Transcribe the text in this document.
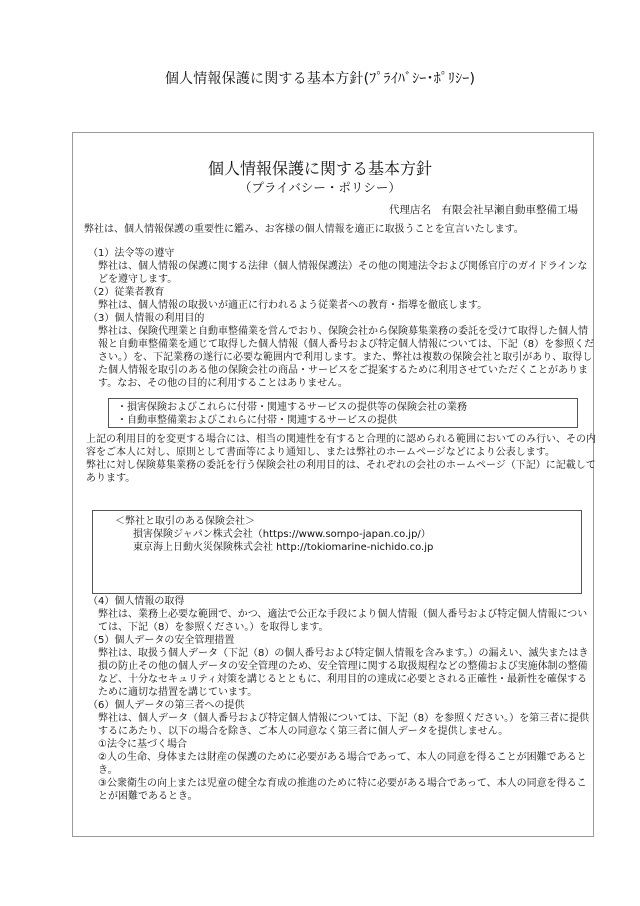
個人情報保護に関する基本方針(ﾌﾟﾗｲﾊﾞｼｰ･ﾎﾟﾘｼｰ)
個人情報保護に関する基本方針
（プライバシー・ポリシー）
代理店名　有限会社早瀬自動車整備工場
弊社は、個人情報保護の重要性に鑑み、お客様の個人情報を適正に取扱うことを宣言いたします。

（1）法令等の遵守

弊社は、個人情報の保護に関する法律（個人情報保護法）その他の関連法令および関係官庁のガイドラインなどを遵守します。

（2）従業者教育

弊社は、個人情報の取扱いが適正に行われるよう従業者への教育・指導を徹底します。

（3）個人情報の利用目的

弊社は、保険代理業と自動車整備業を営んでおり、保険会社から保険募集業務の委託を受けて取得した個人情報と自動車整備業を通じて取得した個人情報（個人番号および特定個人情報については、下記（8）を参照ください。）を、下記業務の遂行に必要な範囲内で利用します。また、弊社は複数の保険会社と取引があり、取得した個人情報を取引のある他の保険会社の商品・サービスをご提案するために利用させていただくことがあります。なお、その他の目的に利用することはありません。

・損害保険およびこれらに付帯・関連するサービスの提供等の保険会社の業務
・自動車整備業およびこれらに付帯・関連するサービスの提供

上記の利用目的を変更する場合には、相当の関連性を有すると合理的に認められる範囲においてのみ行い、その内容をご本人に対し、原則として書面等により通知し、または弊社のホームページなどにより公表します。

弊社に対し保険募集業務の委託を行う保険会社の利用目的は、それぞれの会社のホームページ（下記）に記載してあります。

＜弊社と取引のある保険会社＞
損害保険ジャパン株式会社（https://www.sompo-japan.co.jp/）
東京海上日動火災保険株式会社 http://tokiomarine-nichido.co.jp

（4）個人情報の取得

弊社は、業務上必要な範囲で、かつ、適法で公正な手段により個人情報（個人番号および特定個人情報については、下記（8）を参照ください。）を取得します。

（5）個人データの安全管理措置

弊社は、取扱う個人データ（下記（8）の個人番号および特定個人情報を含みます。）の漏えい、滅失またはき損の防止その他の個人データの安全管理のため、安全管理に関する取扱規程などの整備および実施体制の整備など、十分なセキュリティ対策を講じるとともに、利用目的の達成に必要とされる正確性・最新性を確保するために適切な措置を講じています。

（6）個人データの第三者への提供

弊社は、個人データ（個人番号および特定個人情報については、下記（8）を参照ください。）を第三者に提供するにあたり、以下の場合を除き、ご本人の同意なく第三者に個人データを提供しません。

①法令に基づく場合

②人の生命、身体または財産の保護のために必要がある場合であって、本人の同意を得ることが困難であるとき。

③公衆衛生の向上または児童の健全な育成の推進のために特に必要がある場合であって、本人の同意を得ることが困難であるとき。
